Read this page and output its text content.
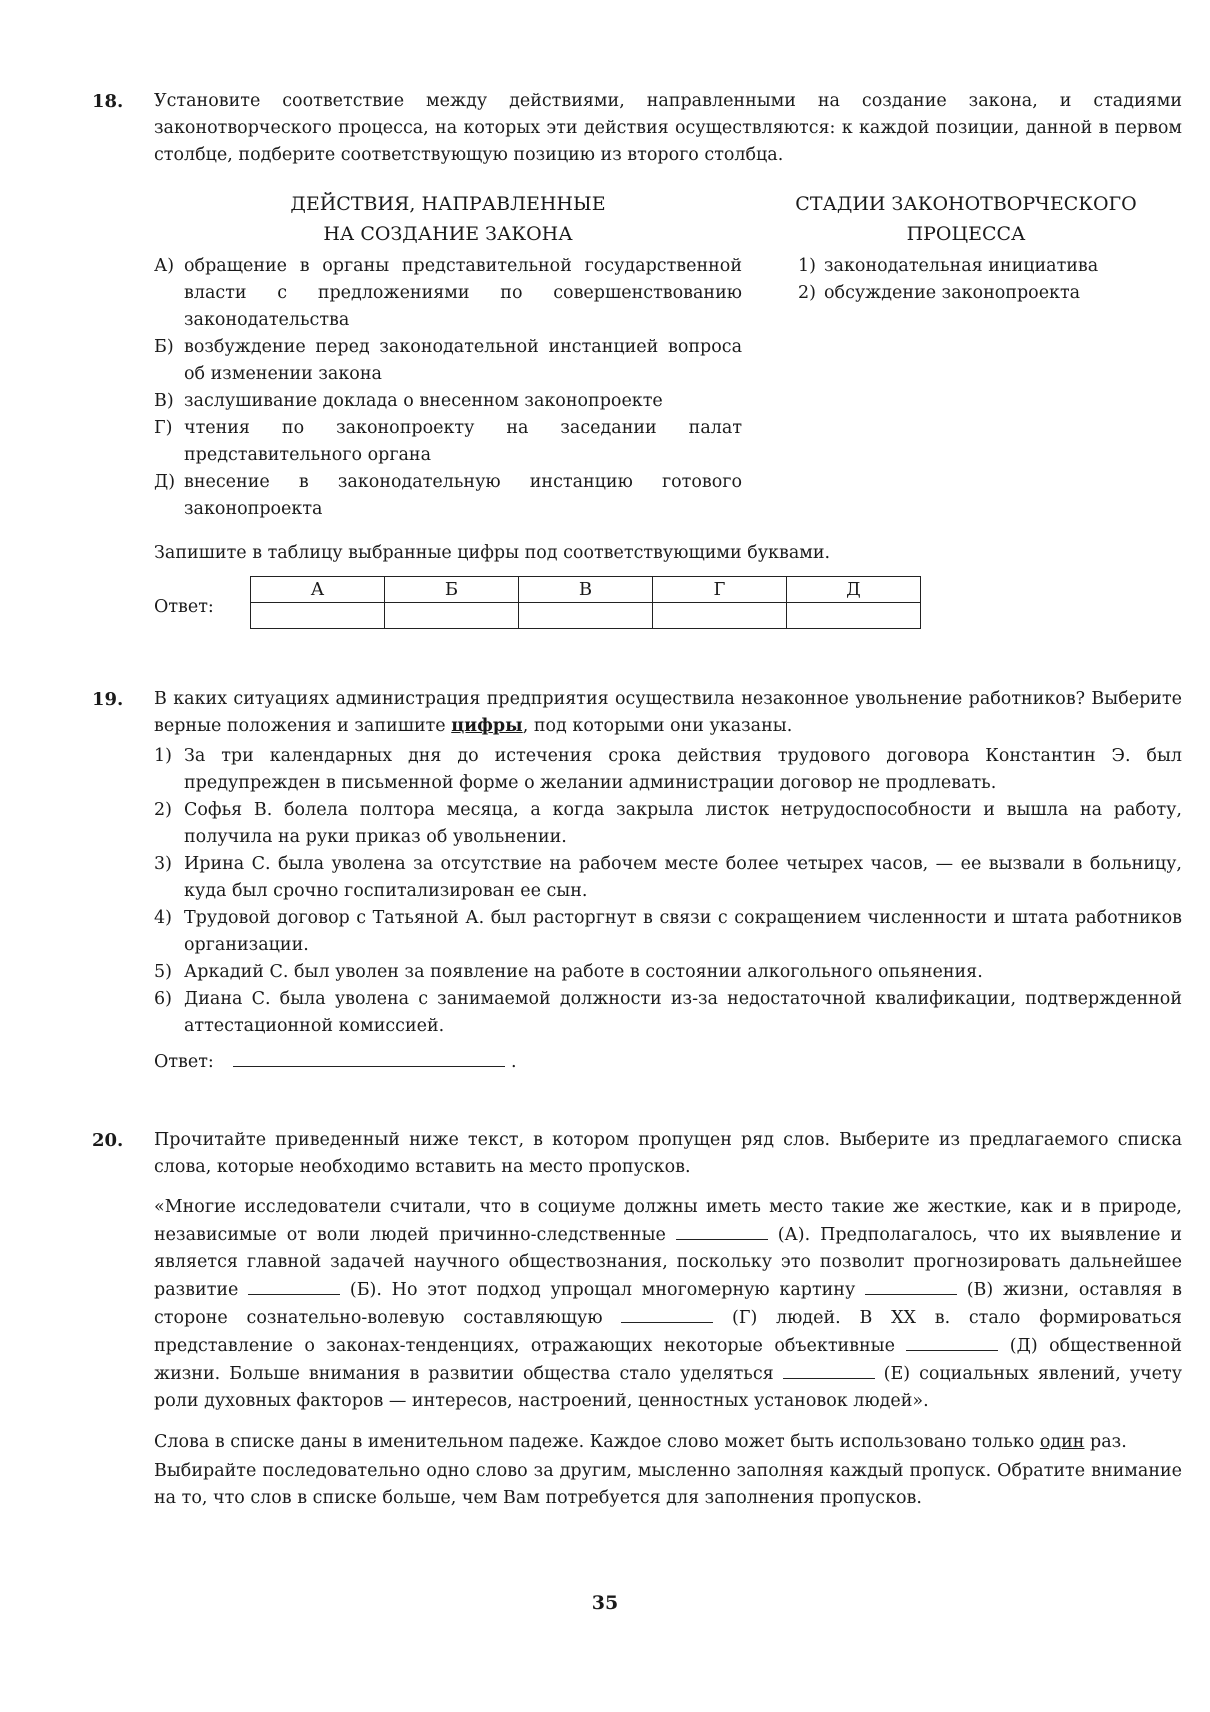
18. Установите соответствие между действиями, направленными на создание закона, и стадиями законотворческого процесса, на которых эти действия осуществляются: к каждой позиции, данной в первом столбце, подберите соответствующую позицию из второго столбца.
ДЕЙСТВИЯ, НАПРАВЛЕННЫЕ
НА СОЗДАНИЕ ЗАКОНА
А) обращение в органы представительной государственной власти с предложениями по совершенствованию законодательства
Б) возбуждение перед законодательной инстанцией вопроса об изменении закона
В) заслушивание доклада о внесенном законопроекте
Г) чтения по законопроекту на заседании палат представительного органа
Д) внесение в законодательную инстанцию готового законопроекта
СТАДИИ ЗАКОНОТВОРЧЕСКОГО
ПРОЦЕССА
1) законодательная инициатива
2) обсуждение законопроекта
Запишите в таблицу выбранные цифры под соответствующими буквами.
Ответ:
А	Б	В	Г	Д

19. В каких ситуациях администрация предприятия осуществила незаконное увольнение работников? Выберите верные положения и запишите цифры, под которыми они указаны.
1) За три календарных дня до истечения срока действия трудового договора Константин Э. был предупрежден в письменной форме о желании администрации договор не продлевать.
2) Софья В. болела полтора месяца, а когда закрыла листок нетрудоспособности и вышла на работу, получила на руки приказ об увольнении.
3) Ирина С. была уволена за отсутствие на рабочем месте более четырех часов, — ее вызвали в больницу, куда был срочно госпитализирован ее сын.
4) Трудовой договор с Татьяной А. был расторгнут в связи с сокращением численности и штата работников организации.
5) Аркадий С. был уволен за появление на работе в состоянии алкогольного опьянения.
6) Диана С. была уволена с занимаемой должности из-за недостаточной квалификации, подтвержденной аттестационной комиссией.
Ответ:	.
20. Прочитайте приведенный ниже текст, в котором пропущен ряд слов. Выберите из предлагаемого списка слова, которые необходимо вставить на место пропусков.
«Многие исследователи считали, что в социуме должны иметь место такие же жесткие, как и в природе, независимые от воли людей причинно-следственные	(А). Предполагалось, что их выявление и является главной задачей научного обществознания, поскольку это позволит прогнозировать дальнейшее развитие	(Б). Но этот подход упрощал многомерную картину	(В) жизни, оставляя в стороне сознательно-волевую составляющую	(Г) людей. В XX в. стало формироваться представление о законах-тенденциях, отражающих некоторые объективные	(Д) общественной жизни. Больше внимания в развитии общества стало уделяться	(Е) социальных явлений, учету роли духовных факторов — интересов, настроений, ценностных установок людей».
Слова в списке даны в именительном падеже. Каждое слово может быть использовано только один раз.
Выбирайте последовательно одно слово за другим, мысленно заполняя каждый пропуск. Обратите внимание на то, что слов в списке больше, чем Вам потребуется для заполнения пропусков.
35
